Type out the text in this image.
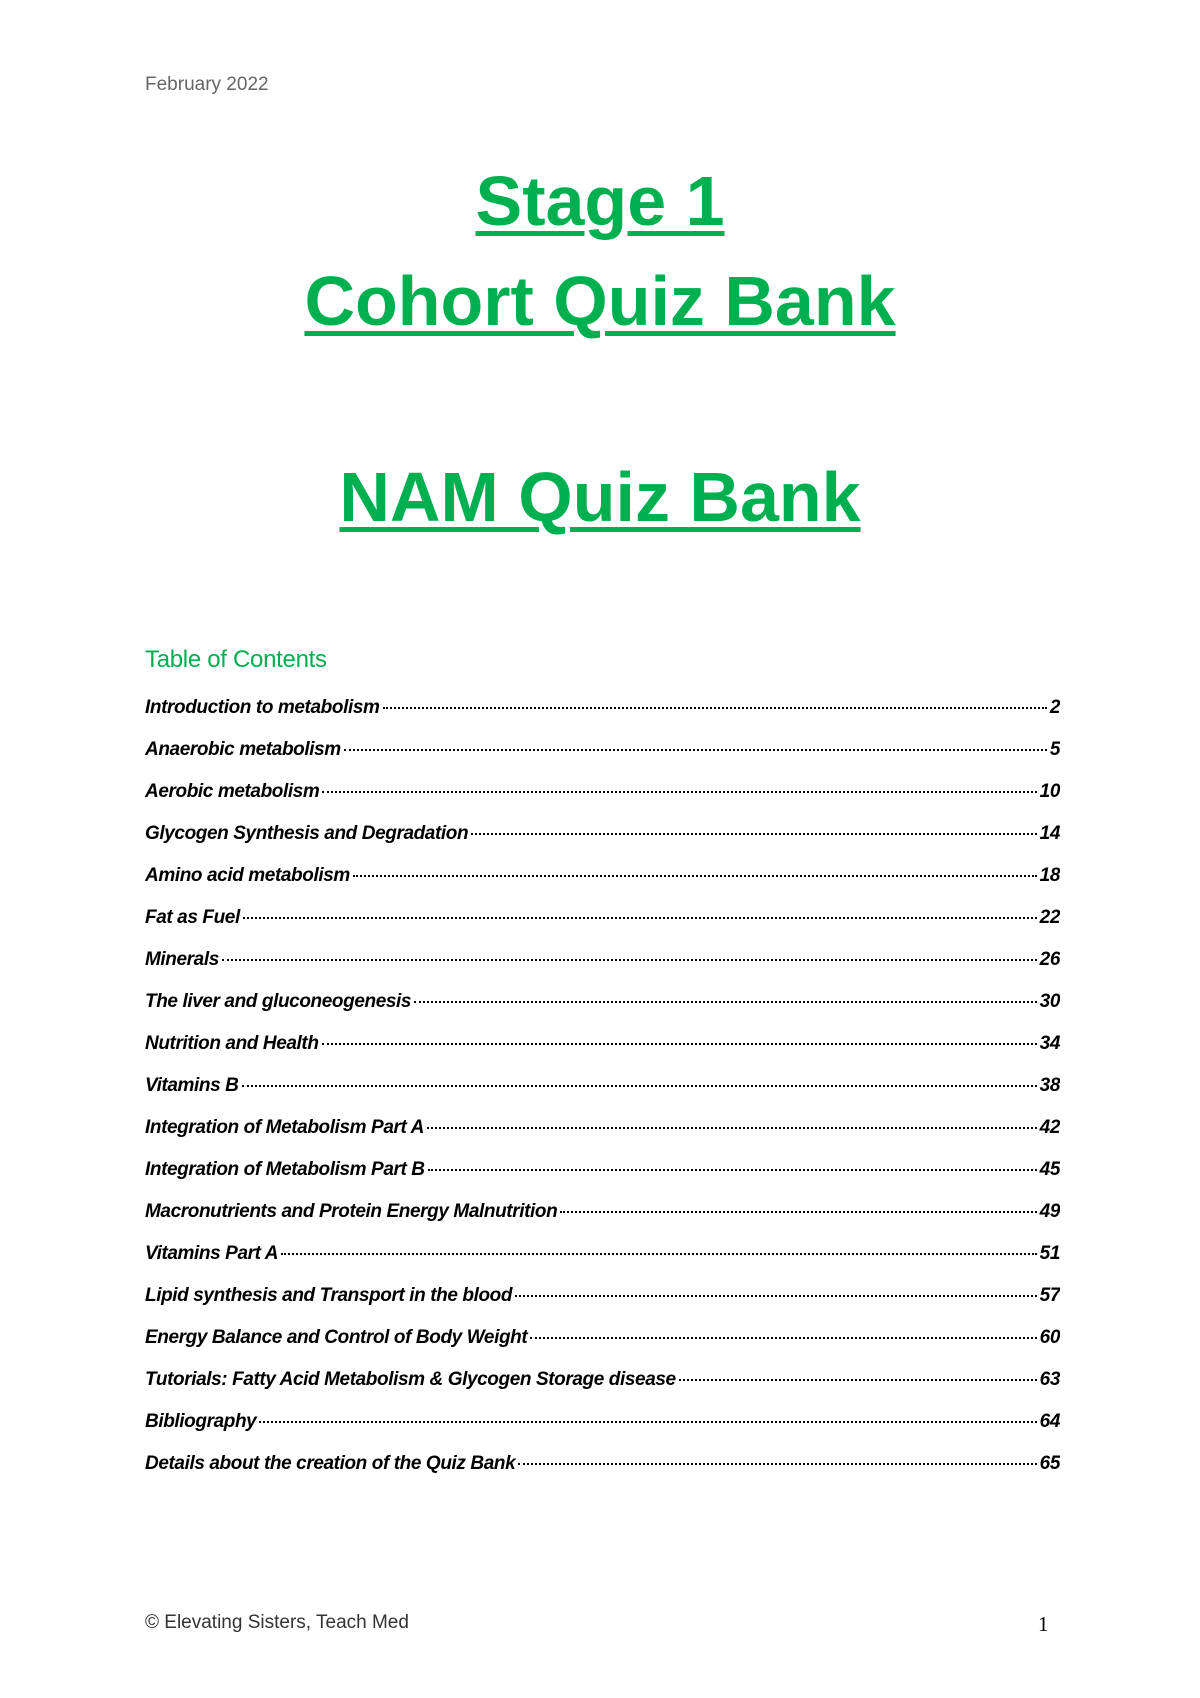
February 2022
Stage 1
Cohort Quiz Bank
NAM Quiz Bank
Table of Contents
Introduction to metabolism	2
Anaerobic metabolism	5
Aerobic metabolism	10
Glycogen Synthesis and Degradation	14
Amino acid metabolism	18
Fat as Fuel	22
Minerals	26
The liver and gluconeogenesis	30
Nutrition and Health	34
Vitamins B	38
Integration of Metabolism Part A	42
Integration of Metabolism Part B	45
Macronutrients and Protein Energy Malnutrition	49
Vitamins Part A	51
Lipid synthesis and Transport in the blood	57
Energy Balance and Control of Body Weight	60
Tutorials: Fatty Acid Metabolism & Glycogen Storage disease	63
Bibliography	64
Details about the creation of the Quiz Bank	65
© Elevating Sisters, Teach Med	1
